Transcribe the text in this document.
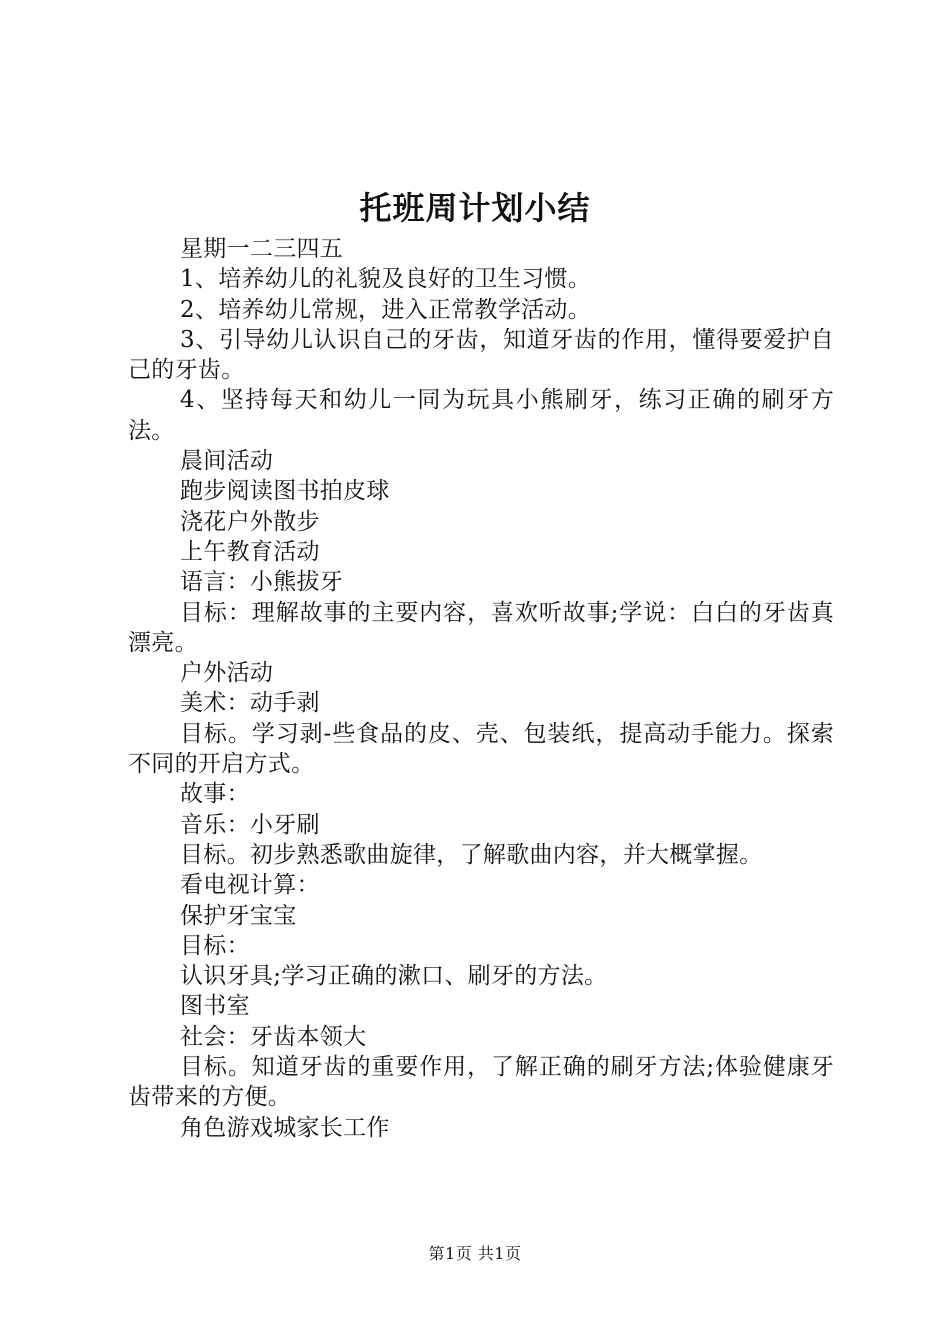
托班周计划小结

星期一二三四五

1、培养幼儿的礼貌及良好的卫生习惯。

2、培养幼儿常规，进入正常教学活动。

3、引导幼儿认识自己的牙齿，知道牙齿的作用，懂得要爱护自己的牙齿。

4、坚持每天和幼儿一同为玩具小熊刷牙，练习正确的刷牙方法。

晨间活动

跑步阅读图书拍皮球

浇花户外散步

上午教育活动

语言：小熊拔牙

目标：理解故事的主要内容，喜欢听故事;学说：白白的牙齿真漂亮。

户外活动

美术：动手剥

目标。学习剥-些食品的皮、壳、包装纸，提高动手能力。探索不同的开启方式。

故事：

音乐：小牙刷

目标。初步熟悉歌曲旋律，了解歌曲内容，并大概掌握。

看电视计算：

保护牙宝宝

目标：

认识牙具;学习正确的漱口、刷牙的方法。

图书室

社会：牙齿本领大

目标。知道牙齿的重要作用，了解正确的刷牙方法;体验健康牙齿带来的方便。

角色游戏城家长工作

第1页 共1页
